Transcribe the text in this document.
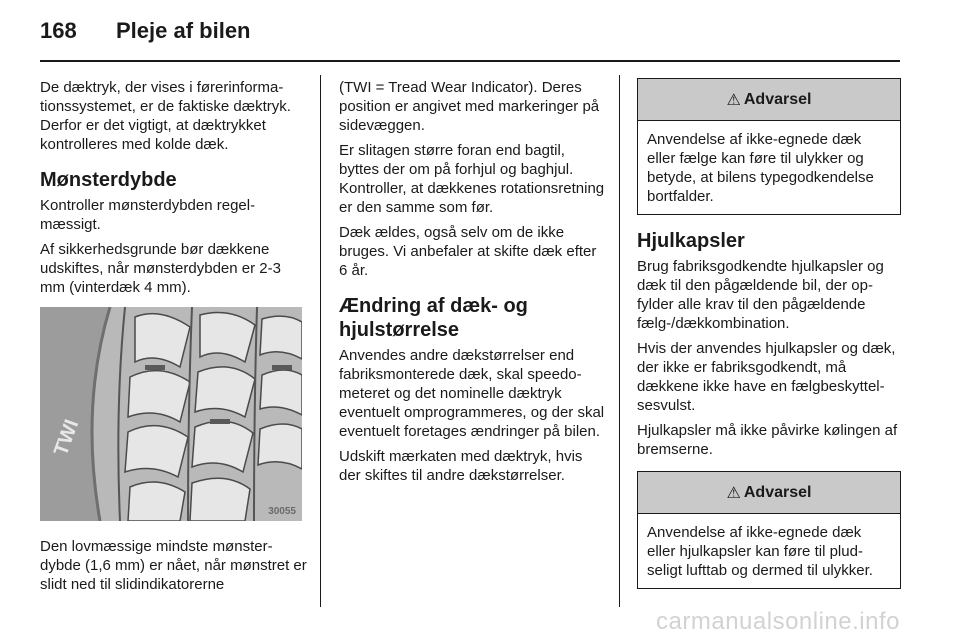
168	Pleje af bilen

De dæktryk, der vises i førerinformationssystemet, er de faktiske dæktryk. Derfor er det vigtigt, at dæktrykket kontrolleres med kolde dæk.

Mønsterdybde

Kontroller mønsterdybden regelmæssigt.

Af sikkerhedsgrunde bør dækkene udskiftes, når mønsterdybden er 2-3 mm (vinterdæk 4 mm).

TWI
30055

Den lovmæssige mindste mønsterdybde (1,6 mm) er nået, når mønstret er slidt ned til slidindikatorerne

(TWI = Tread Wear Indicator). Deres position er angivet med markeringer på sidevæggen.

Er slitagen større foran end bagtil, byttes der om på forhjul og baghjul. Kontroller, at dækkenes rotationsretning er den samme som før.

Dæk ældes, også selv om de ikke bruges. Vi anbefaler at skifte dæk efter 6 år.

Ændring af dæk- og hjulstørrelse

Anvendes andre dækstørrelser end fabriksmonterede dæk, skal speedometeret og det nominelle dæktryk eventuelt omprogrammeres, og der skal eventuelt foretages ændringer på bilen.

Udskift mærkaten med dæktryk, hvis der skiftes til andre dækstørrelser.

⚠ Advarsel
Anvendelse af ikke-egnede dæk eller fælge kan føre til ulykker og betyde, at bilens typegodkendelse bortfalder.
Hjulkapsler

Brug fabriksgodkendte hjulkapsler og dæk til den pågældende bil, der opfylder alle krav til den pågældende fælg-/dækkombination.

Hvis der anvendes hjulkapsler og dæk, der ikke er fabriksgodkendt, må dækkene ikke have en fælgbeskyttelsesvulst.

Hjulkapsler må ikke påvirke kølingen af bremserne.

⚠ Advarsel
Anvendelse af ikke-egnede dæk eller hjulkapsler kan føre til pludseligt lufttab og dermed til ulykker.
carmanualsonline.info
